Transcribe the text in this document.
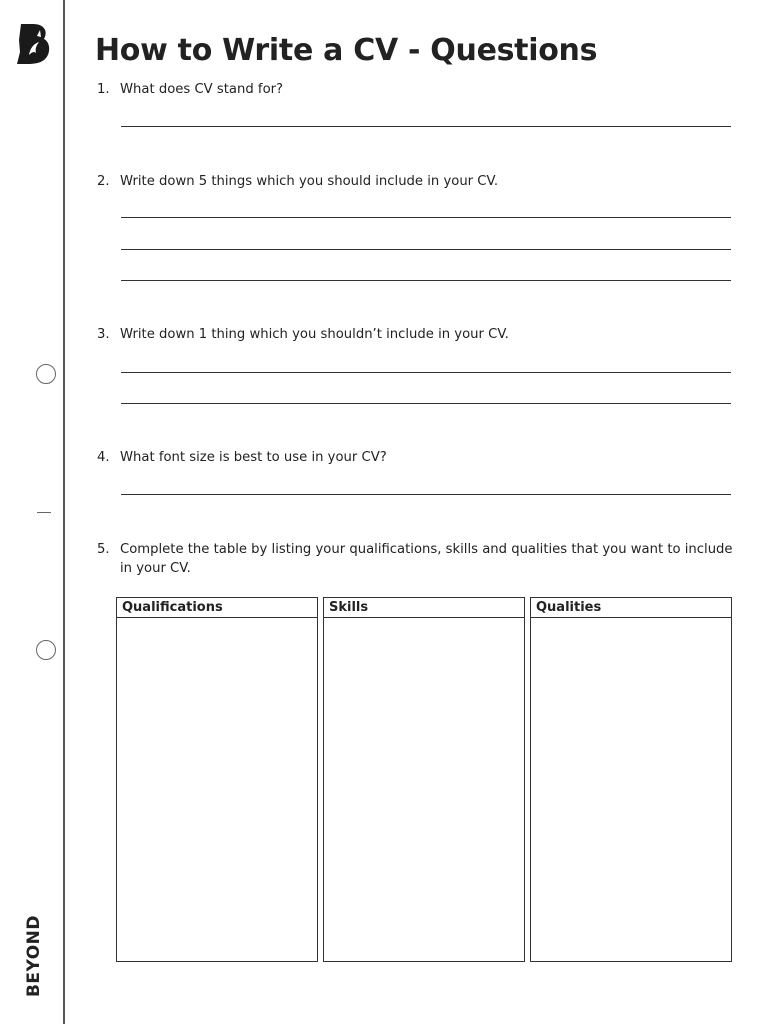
BEYOND
How to Write a CV - Questions
1. What does CV stand for?
2. Write down 5 things which you should include in your CV.
3. Write down 1 thing which you shouldn’t include in your CV.
4. What font size is best to use in your CV?
5. Complete the table by listing your qualifications, skills and qualities that you want to include in your CV.
Qualifications	Skills	Qualities
